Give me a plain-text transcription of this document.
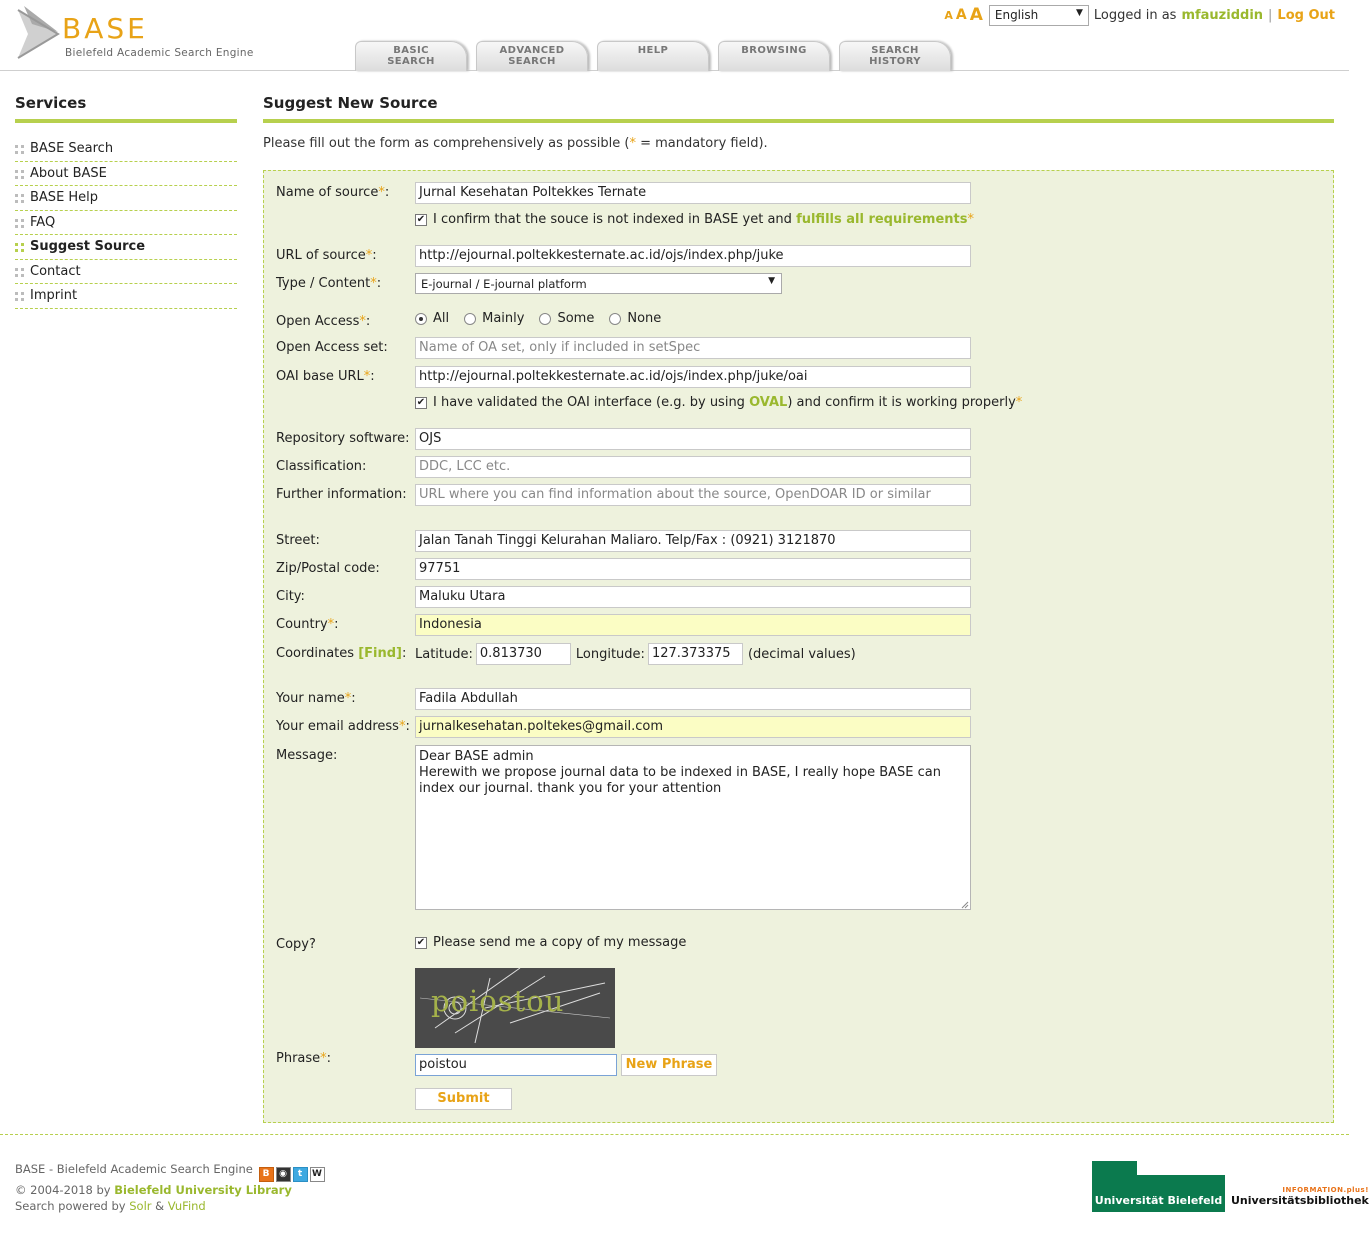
BASE
Bielefeld Academic Search Engine
A A A	English	▼ Logged in as mfauziddin | Log Out
BASIC
SEARCH
ADVANCED
SEARCH
HELP	BROWSING	SEARCH
HISTORY
Services
BASE Search
About BASE
BASE Help
FAQ
Suggest Source
Contact
Imprint
Suggest New Source
Please fill out the form as comprehensively as possible (* = mandatory field).
Name of source*:	Jurnal Kesehatan Poltekkes Ternate
✔ I confirm that the souce is not indexed in BASE yet and
fulfills all requirements *
URL of source*:	http://ejournal.poltekkesternate.ac.id/ojs/index.php/juke
Type / Content*:	E-journal / E-journal platform	▼
Open Access*:	All	Mainly	Some	None
Open Access set:	Name of OA set, only if included in setSpec
OAI base URL*:	http://ejournal.poltekkesternate.ac.id/ojs/index.php/juke/oai
✔ I have validated the OAI interface (e.g. by using
OVAL ) and confirm it is working properly *
Repository software: OJS
Classification:	DDC, LCC etc.
Further information: URL where you can find information about the source, OpenDOAR ID or similar
Street:	Jalan Tanah Tinggi Kelurahan Maliaro. Telp/Fax : (0921) 3121870
Zip/Postal code:	97751
City:	Maluku Utara
Country*:	Indonesia
Coordinates [Find]: Latitude: 0.813730	Longitude: 127.373375	(decimal values)
Your name*:	Fadila Abdullah
Your email address*: jurnalkesehatan.poltekes@gmail.com
Message:	Dear BASE admin
Herewith we propose journal data to be indexed in BASE, I really hope BASE can
index our journal. thank you for your attention
Copy?	✔ Please send me a copy of my message
poiostou
Phrase*:	poistou	New Phrase
Submit
BASE - Bielefeld Academic Search Engine B ◉ t W
© 2004-2018 by Bielefeld University Library
Search powered by Solr & VuFind	Universität Bielefeld
INFORMATION.plus!
Universitätsbibliothek
